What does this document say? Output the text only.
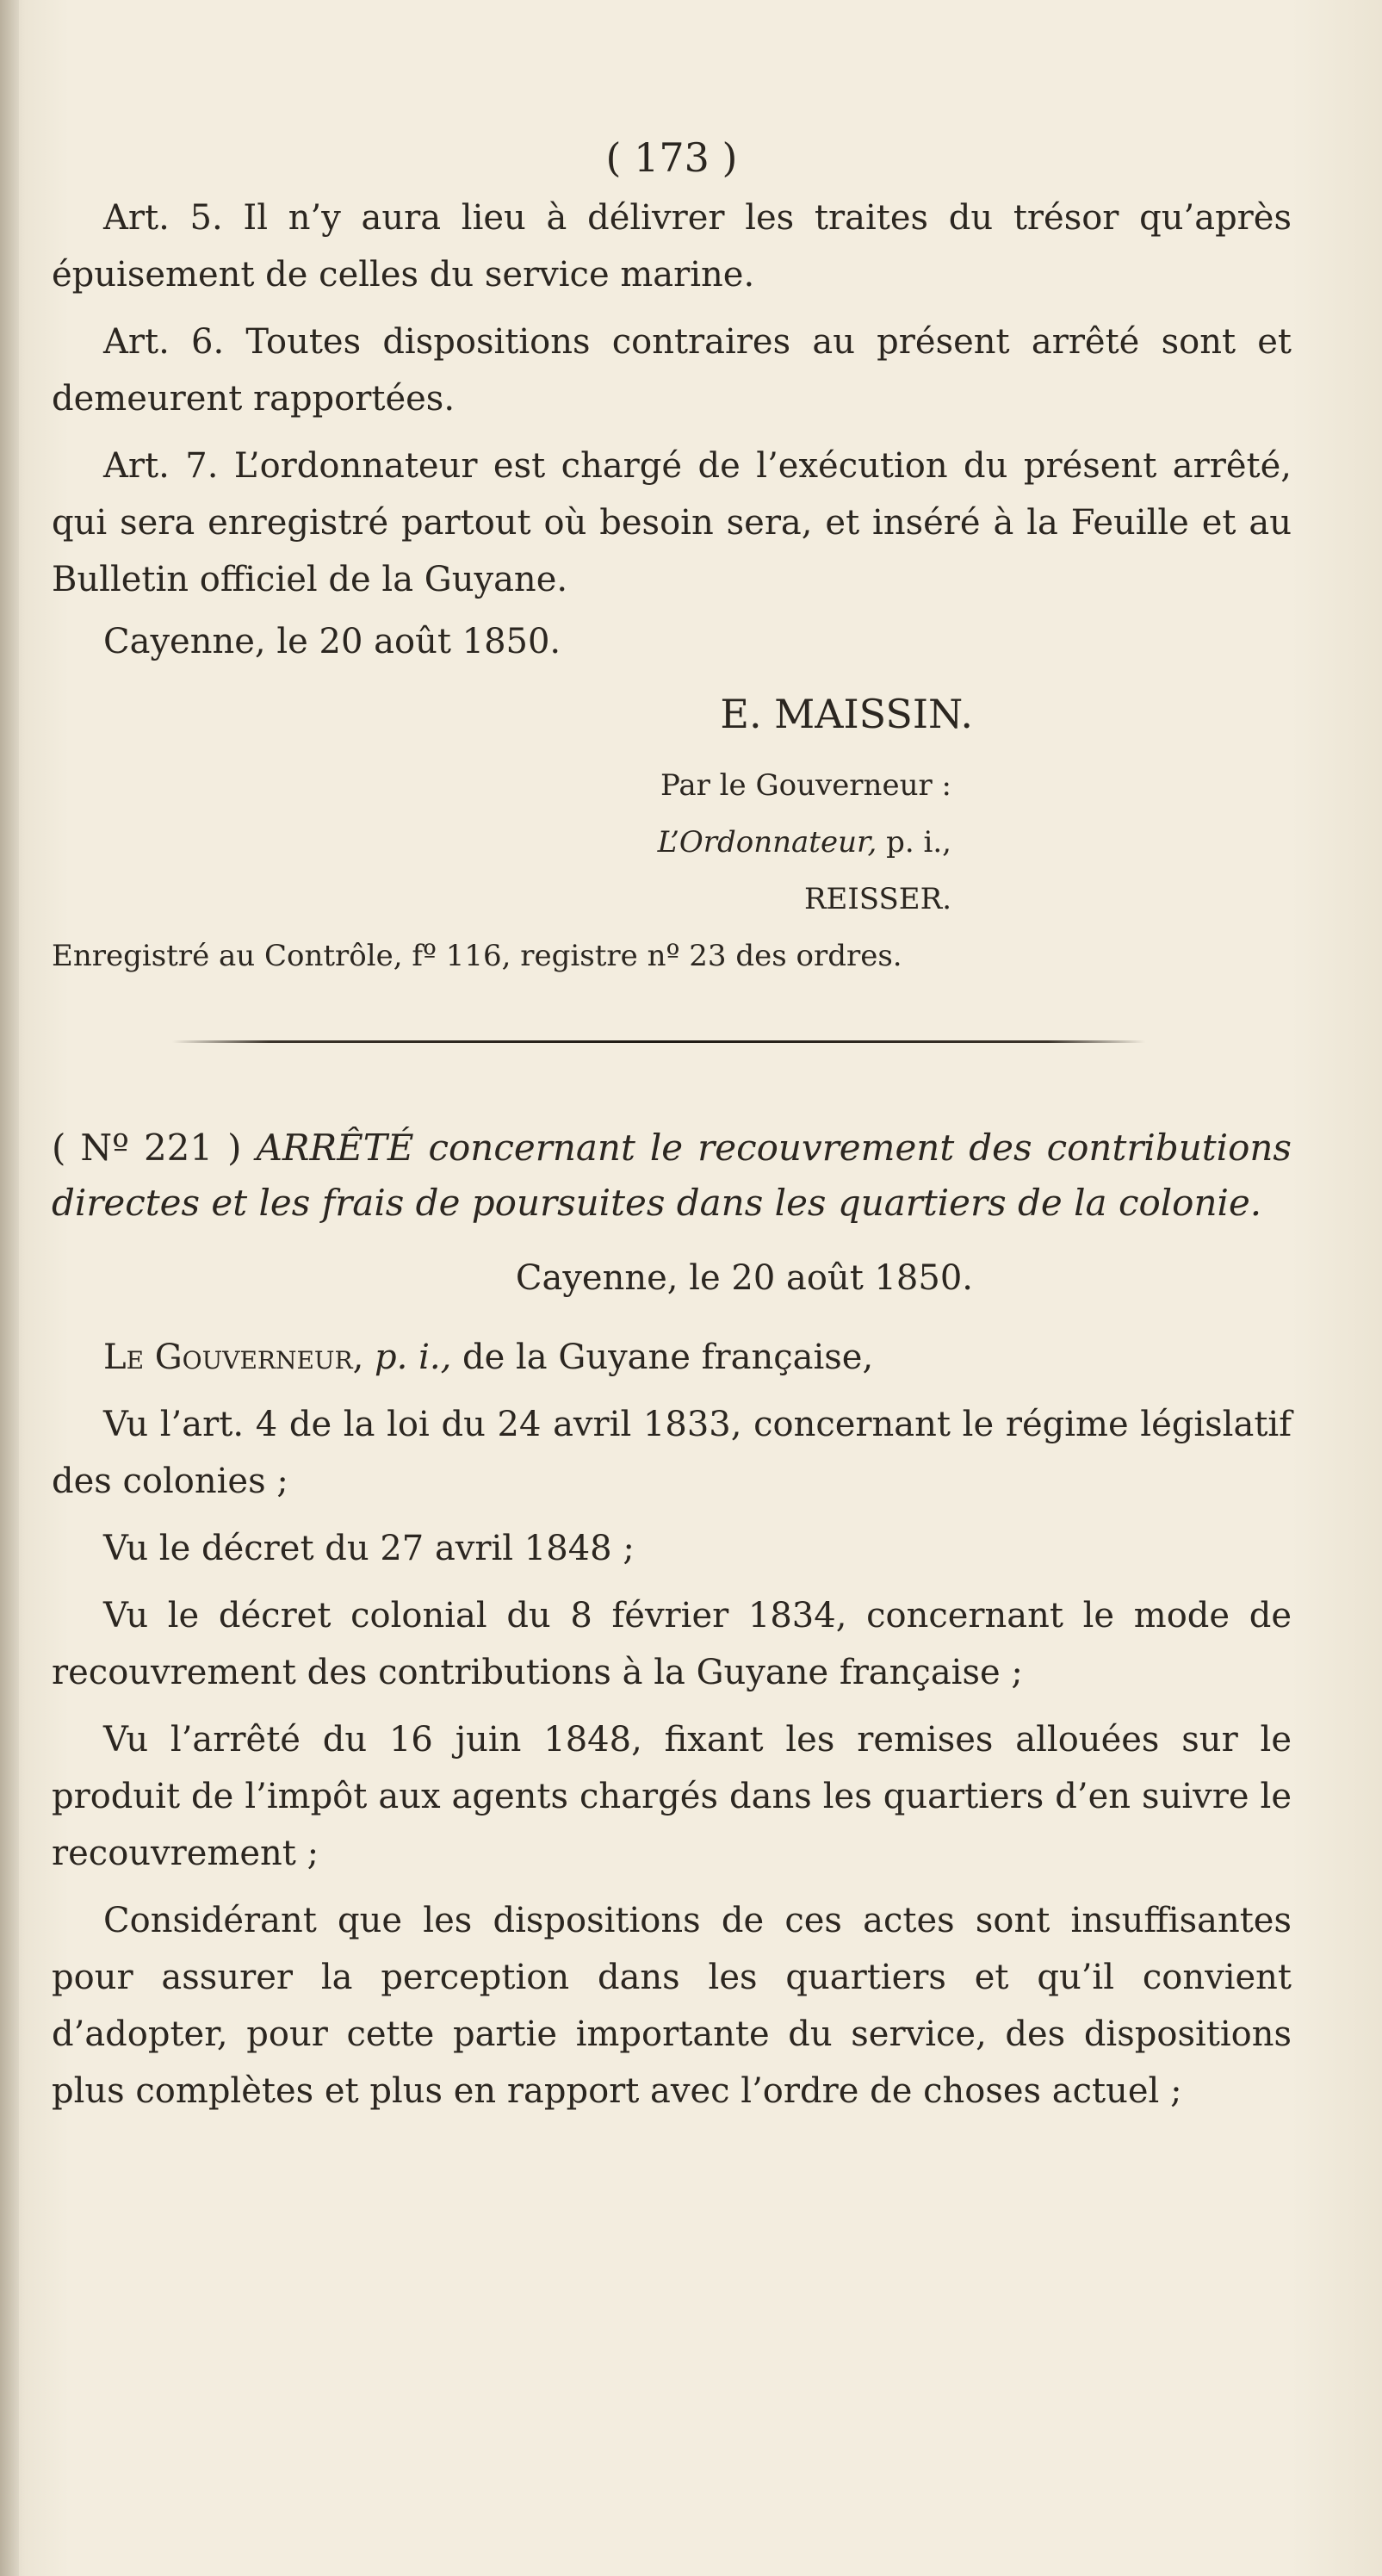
( 173 )

Art. 5. Il n’y aura lieu à délivrer les traites du trésor qu’après épuisement de celles du service marine.

Art. 6. Toutes dispositions contraires au présent arrêté sont et demeurent rapportées.

Art. 7. L’ordonnateur est chargé de l’exécution du présent arrêté, qui sera enregistré partout où besoin sera, et inséré à la Feuille et au Bulletin officiel de la Guyane.

Cayenne, le 20 août 1850.

E. MAISSIN.

Par le Gouverneur :

L’Ordonnateur, p. i.,

REISSER.

Enregistré au Contrôle, fº 116, registre nº 23 des ordres.

( Nº 221 ) ARRÊTÉ concernant le recouvrement des contributions directes et les frais de poursuites dans les quartiers de la colonie.

Cayenne, le 20 août 1850.

Le Gouverneur, p. i., de la Guyane française,

Vu l’art. 4 de la loi du 24 avril 1833, concernant le régime législatif des colonies ;

Vu le décret du 27 avril 1848 ;

Vu le décret colonial du 8 février 1834, concernant le mode de recouvrement des contributions à la Guyane française ;

Vu l’arrêté du 16 juin 1848, fixant les remises allouées sur le produit de l’impôt aux agents chargés dans les quartiers d’en suivre le recouvrement ;

Considérant que les dispositions de ces actes sont insuffisantes pour assurer la perception dans les quartiers et qu’il convient d’adopter, pour cette partie importante du service, des dispositions plus complètes et plus en rapport avec l’ordre de choses actuel ;
